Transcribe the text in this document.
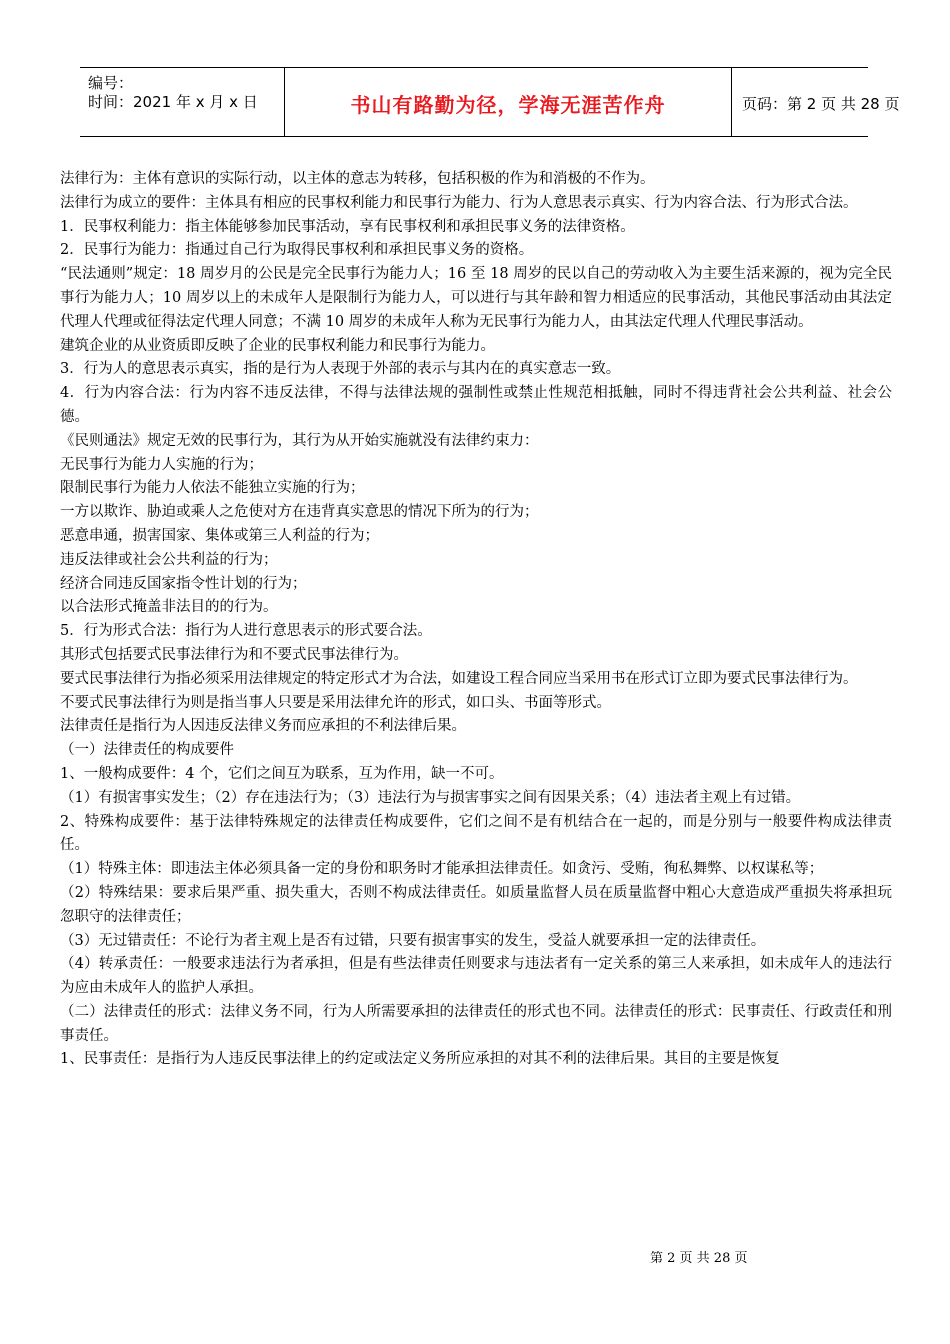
编号：
时间：2021 年 x 月 x 日	书山有路勤为径，学海无涯苦作舟	页码：第 2 页 共 28 页

法律行为：主体有意识的实际行动，以主体的意志为转移，包括积极的作为和消极的不作为。

法律行为成立的要件：主体具有相应的民事权利能力和民事行为能力、行为人意思表示真实、行为内容合法、行为形式合法。

1．民事权利能力：指主体能够参加民事活动，享有民事权利和承担民事义务的法律资格。

2．民事行为能力：指通过自己行为取得民事权利和承担民事义务的资格。

“民法通则”规定：18 周岁月的公民是完全民事行为能力人；16 至 18 周岁的民以自己的劳动收入为主要生活来源的，视为完全民事行为能力人；10 周岁以上的未成年人是限制行为能力人，可以进行与其年龄和智力相适应的民事活动，其他民事活动由其法定代理人代理或征得法定代理人同意；不满 10 周岁的未成年人称为无民事行为能力人，由其法定代理人代理民事活动。

建筑企业的从业资质即反映了企业的民事权利能力和民事行为能力。

3．行为人的意思表示真实，指的是行为人表现于外部的表示与其内在的真实意志一致。

4．行为内容合法：行为内容不违反法律，不得与法律法规的强制性或禁止性规范相抵触，同时不得违背社会公共利益、社会公德。

《民则通法》规定无效的民事行为，其行为从开始实施就没有法律约束力：

无民事行为能力人实施的行为；

限制民事行为能力人依法不能独立实施的行为；

一方以欺诈、胁迫或乘人之危使对方在违背真实意思的情况下所为的行为；

恶意串通，损害国家、集体或第三人利益的行为；

违反法律或社会公共利益的行为；

经济合同违反国家指令性计划的行为；

以合法形式掩盖非法目的的行为。

5．行为形式合法：指行为人进行意思表示的形式要合法。

其形式包括要式民事法律行为和不要式民事法律行为。

要式民事法律行为指必须采用法律规定的特定形式才为合法，如建设工程合同应当采用书在形式订立即为要式民事法律行为。

不要式民事法律行为则是指当事人只要是采用法律允许的形式，如口头、书面等形式。

法律责任是指行为人因违反法律义务而应承担的不利法律后果。

（一）法律责任的构成要件

1、一般构成要件：4 个，它们之间互为联系，互为作用，缺一不可。

（1）有损害事实发生；（2）存在违法行为；（3）违法行为与损害事实之间有因果关系；（4）违法者主观上有过错。

2、特殊构成要件：基于法律特殊规定的法律责任构成要件，它们之间不是有机结合在一起的，而是分别与一般要件构成法律责任。

（1）特殊主体：即违法主体必须具备一定的身份和职务时才能承担法律责任。如贪污、受贿，徇私舞弊、以权谋私等；

（2）特殊结果：要求后果严重、损失重大，否则不构成法律责任。如质量监督人员在质量监督中粗心大意造成严重损失将承担玩忽职守的法律责任；

（3）无过错责任：不论行为者主观上是否有过错，只要有损害事实的发生，受益人就要承担一定的法律责任。

（4）转承责任：一般要求违法行为者承担，但是有些法律责任则要求与违法者有一定关系的第三人来承担，如未成年人的违法行为应由未成年人的监护人承担。

（二）法律责任的形式：法律义务不同，行为人所需要承担的法律责任的形式也不同。法律责任的形式：民事责任、行政责任和刑事责任。

1、民事责任：是指行为人违反民事法律上的约定或法定义务所应承担的对其不利的法律后果。其目的主要是恢复

第 2 页 共 28 页
